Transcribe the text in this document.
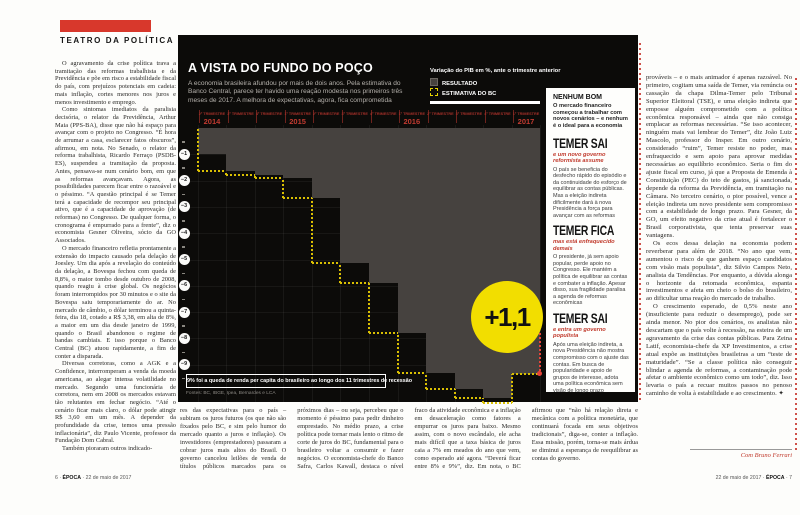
TEATRO DA POLÍTICA

O agravamento da crise política trava a tramitação das reformas trabalhista e da Previdência e põe em risco a estabilidade fiscal do país, com prejuízos potenciais em cadeia: mais inflação, cortes menores nos juros e menos investimento e emprego.

Como sintomas imediatos da paralisia decisória, o relator da Previdência, Arthur Maia (PPS-BA), disse que não há espaço para avançar com o projeto no Congresso. “É hora de arrumar a casa, esclarecer fatos obscuros”, afirmou, em nota. No Senado, o relator da reforma trabalhista, Ricardo Ferraço (PSDB-ES), suspendeu a tramitação da proposta. Antes, pensava-se num cenário bom, em que as reformas avançavam. Agora, as possibilidades parecem ficar entre o razoável e o péssimo. “A questão principal é se Temer terá a capacidade de recompor seu principal ativo, que é a capacidade de aprovação (de reformas) no Congresso. De qualquer forma, o cronograma é empurrado para a frente”, diz o economista Gesner Oliveira, sócio da GO Associados.

O mercado financeiro refletia prontamente a extensão do impacto causado pela delação de Joesley. Um dia após a revelação do conteúdo da delação, a Bovespa fechou com queda de 8,8%, o maior tombo desde outubro de 2008, quando reagiu à crise global. Os negócios foram interrompidos por 30 minutos e o site da Bovespa saiu temporariamente do ar. No mercado de câmbio, o dólar terminou a quinta-feira, dia 18, cotado a R$ 3,38, em alta de 8%, a maior em um dia desde janeiro de 1999, quando o Brasil abandonou o regime de bandas cambiais. E isso porque o Banco Central (BC) atuou rapidamente, a fim de conter a disparada.

Diversas corretoras, como a AGK e a Confidence, interromperam a venda da moeda americana, ao alegar intensa volatilidade no mercado. Segundo uma funcionária de corretora, nem em 2008 os mercados estavam tão relutantes em fechar negócio. “Até o cenário ficar mais claro, o dólar pode atingir R$ 3,60 em um mês. A depender da profundidade da crise, temos uma pressão inflacionária”, diz Paulo Vicente, professor da Fundação Dom Cabral.

Também pioraram outros indicado-

A VISTA DO FUNDO DO POÇO
A economia brasileira afundou por mais de dois anos. Pela estimativa do Banco Central, parece ter havido uma reação modesta nos primeiros três meses de 2017. A melhora de expectativas, agora, fica comprometida
Variação do PIB em %, ante o trimestre anterior
RESULTADO
ESTIMATIVA DO BC
2º TRIMESTRE
2014
3º TRIMESTRE 4º TRIMESTRE 1º TRIMESTRE
2015
2º TRIMESTRE 3º TRIMESTRE 4º TRIMESTRE 1º TRIMESTRE
2016
2º TRIMESTRE 3º TRIMESTRE 4º TRIMESTRE 1º TRIMESTRE
2017
−1
−2
−3
−4
−5
−6
−7
−8
−9
9% foi a queda de renda per capita do brasileiro ao longo dos 11 trimestres de recessão
Fontes: BC, IBGE, Ipea, Bernardes e LCA
+1,1
NENHUM BOM
O mercado financeiro começou a trabalhar com novos cenários – e nenhum é o ideal para a economia
TEMER SAI
e um novo governo reformista assume
O país se beneficia do desfecho rápido do episódio e da continuidade do esforço de equilibrar as contas públicas. Mas a eleição indireta dificilmente dará à nova Presidência a força para avançar com as reformas
TEMER FICA
mas está enfraquecido demais
O presidente, já sem apoio popular, perde apoio no Congresso. Ele mantém a política de equilibrar as contas e combater a inflação. Apesar disso, sua fragilidade paralisa a agenda de reformas econômicas
TEMER SAI
e entra um governo populista
Após uma eleição indireta, a nova Presidência não mostra compromisso com o ajuste das contas. Em busca de popularidade e apoio de grupos de interesse, adota uma política econômica sem visão de longo prazo

res das expectativas para o país – subiram os juros futuros (os que não são fixados pelo BC, e sim pelo humor do mercado quanto a juros e inflação). Os investidores (emprestadores) passaram a cobrar juros mais altos do Brasil. O governo cancelou leilões de venda de títulos públicos marcados para os próximos dias – ou seja, percebeu que o momento é péssimo para pedir dinheiro emprestado. No médio prazo, a crise política pode tornar mais lento o ritmo de corte de juros do BC, fundamental para o brasileiro voltar a consumir e fazer negócios. O economista-chefe do Banco Safra, Carlos Kawall, destaca o nível fraco da atividade econômica e a inflação em desaceleração como fatores a empurrar os juros para baixo. Mesmo assim, com o novo escândalo, ele acha mais difícil que a taxa básica de juros caia a 7% em meados do ano que vem, como esperado até agora. “Deverá ficar entre 8% e 9%”, diz. Em nota, o BC afirmou que “não há relação direta e mecânica com a política monetária, que continuará focada em seus objetivos tradicionais”, diga-se, conter a inflação. Essa missão, porém, torna-se mais árdua se diminui a esperança de reequilibrar as contas do governo.

prováveis – e o mais animador é apenas razoável. No primeiro, cogitam uma saída de Temer, via renúncia ou cassação da chapa Dilma-Temer pelo Tribunal Superior Eleitoral (TSE), e uma eleição indireta que emposse alguém comprometido com a política econômica responsável – ainda que não consiga emplacar as reformas necessárias. “Se isso acontecer, ninguém mais vai lembrar do Temer”, diz João Luiz Mascolo, professor do Insper. Em outro cenário, considerado “ruim”, Temer resiste no poder, mas enfraquecido e sem apoio para aprovar medidas necessárias ao equilíbrio econômico. Seria o fim do ajuste fiscal em curso, já que a Proposta de Emenda à Constituição (PEC) do teto de gastos, já sancionada, depende da reforma da Previdência, em tramitação na Câmara. No terceiro cenário, o pior possível, vence a eleição indireta um novo presidente sem compromisso com a estabilidade de longo prazo. Para Gesner, da GO, um efeito negativo da crise atual é fortalecer o Brasil corporativista, que tenta preservar suas vantagens.

Os ecos dessa delação na economia podem reverberar para além de 2018. “No ano que vem, aumentou o risco de que ganhem espaço candidatos com visão mais populista”, diz Silvio Campos Neto, analista da Tendências. Por enquanto, a dúvida alonga o horizonte da retomada econômica, espanta investimentos e afeta em cheio o bolso do brasileiro, ao dificultar uma reação do mercado de trabalho.

O crescimento esperado, de 0,5% neste ano (insuficiente para reduzir o desemprego), pode ser ainda menor. No pior dos cenários, os analistas não descartam que o país volte à recessão, na esteira de um agravamento da crise das contas públicas. Para Zeina Latif, economista-chefe da XP Investimentos, a crise atual expõe as instituições brasileiras a um “teste de maturidade”. “Se a classe política não conseguir blindar a agenda de reformas, a contaminação pode afetar o ambiente econômico como um todo”, diz. Isso levaria o país a recuar muitos passos no penoso caminho de volta à estabilidade e ao crescimento. ✦

Com Bruno Ferrari
6 · ÉPOCA · 22 de maio de 2017	22 de maio de 2017 · ÉPOCA · 7
